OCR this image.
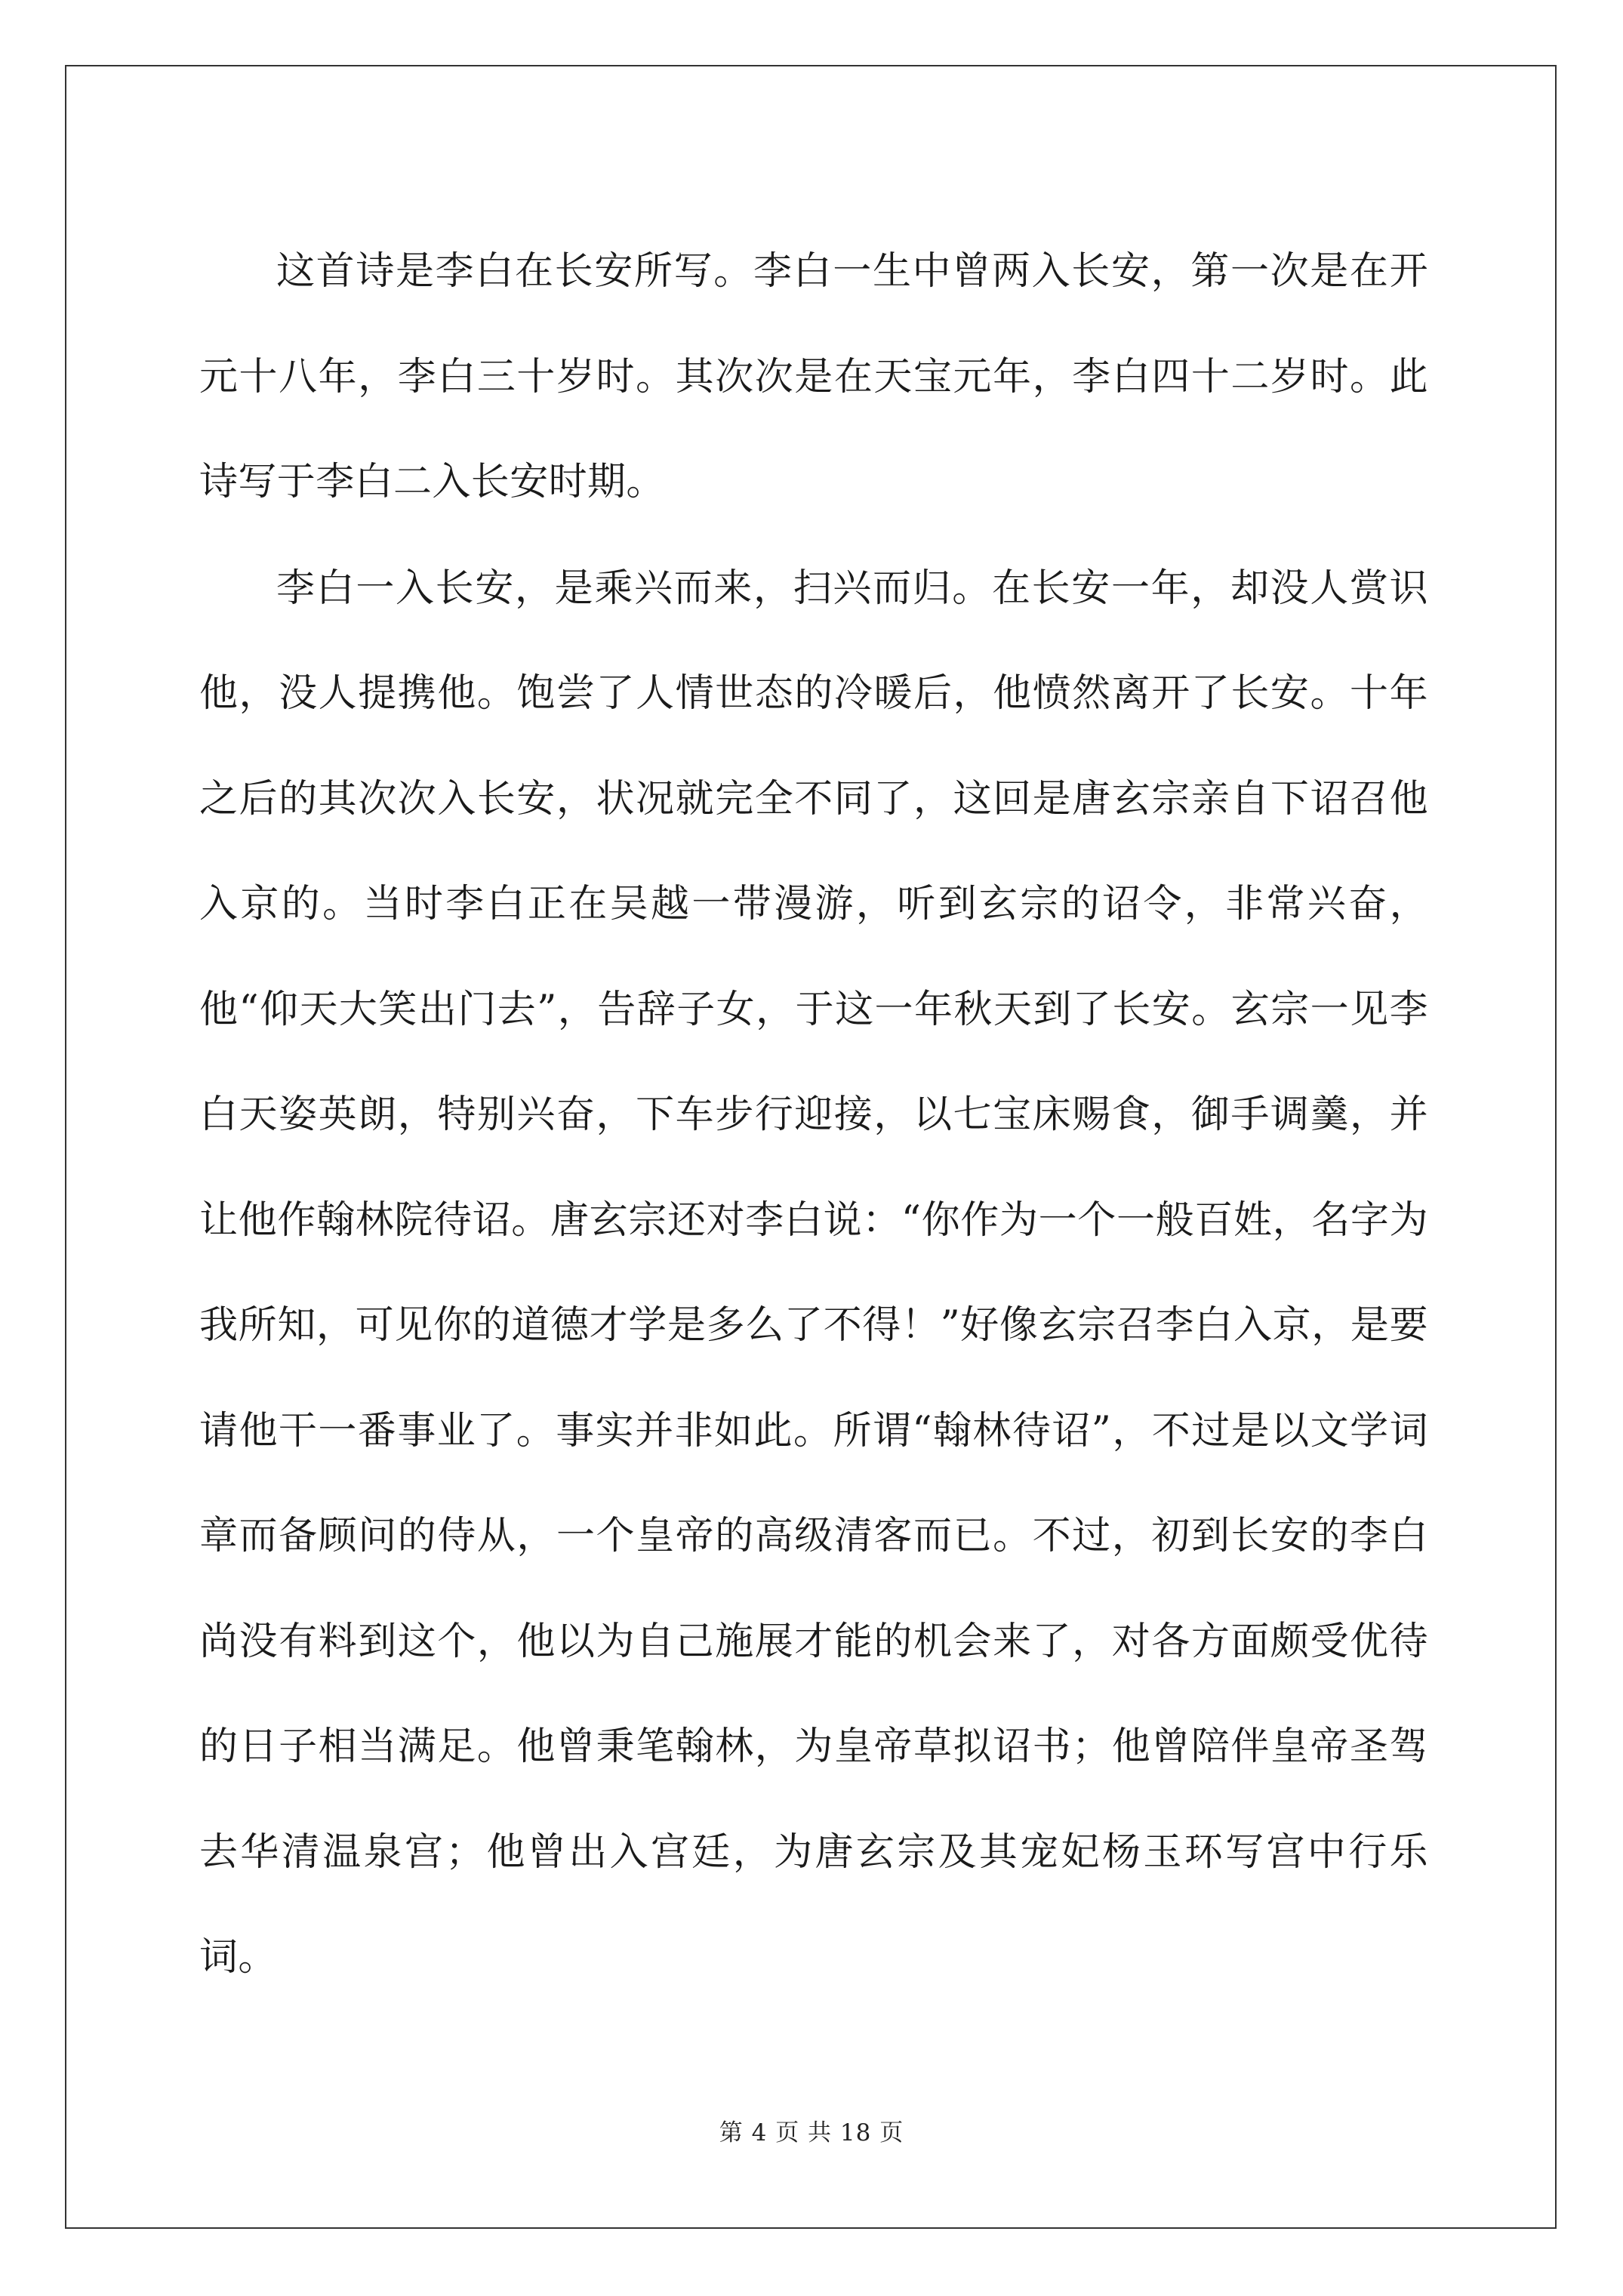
这首诗是李白在长安所写。李白一生中曾两入长安，第一次是在开元十八年，李白三十岁时。其次次是在天宝元年，李白四十二岁时。此诗写于李白二入长安时期。

李白一入长安，是乘兴而来，扫兴而归。在长安一年，却没人赏识他，没人提携他。饱尝了人情世态的冷暖后，他愤然离开了长安。十年之后的其次次入长安，状况就完全不同了，这回是唐玄宗亲自下诏召他入京的。当时李白正在吴越一带漫游，听到玄宗的诏令，非常兴奋，他“仰天大笑出门去”，告辞子女，于这一年秋天到了长安。玄宗一见李白天姿英朗，特别兴奋，下车步行迎接，以七宝床赐食，御手调羹，并让他作翰林院待诏。唐玄宗还对李白说：“你作为一个一般百姓，名字为我所知，可见你的道德才学是多么了不得！”好像玄宗召李白入京，是要请他干一番事业了。事实并非如此。所谓“翰林待诏”，不过是以文学词章而备顾问的侍从，一个皇帝的高级清客而已。不过，初到长安的李白尚没有料到这个，他以为自己施展才能的机会来了，对各方面颇受优待的日子相当满足。他曾秉笔翰林，为皇帝草拟诏书；他曾陪伴皇帝圣驾去华清温泉宫；他曾出入宫廷，为唐玄宗及其宠妃杨玉环写宫中行乐词。

第 4 页 共 18 页
